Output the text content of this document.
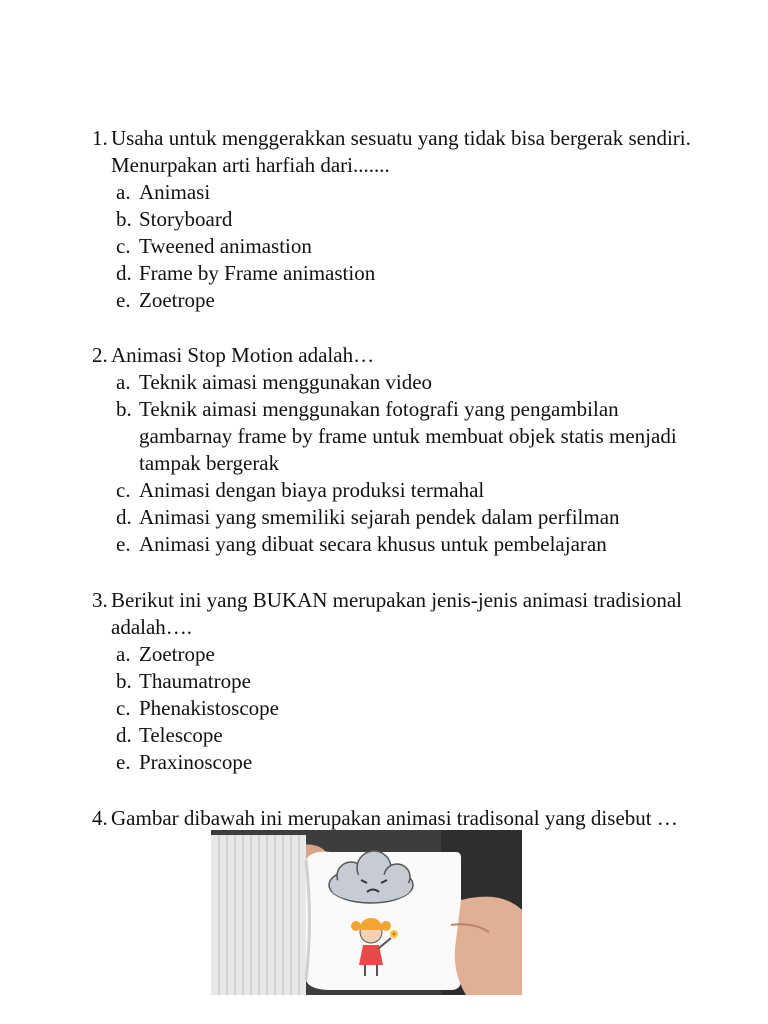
1. Usaha untuk menggerakkan sesuatu yang tidak bisa bergerak sendiri. Menurpakan arti harfiah dari.......
a. Animasi
b. Storyboard
c. Tweened animastion
d. Frame by Frame animastion
e. Zoetrope
2. Animasi Stop Motion adalah…
a. Teknik aimasi menggunakan video
b. Teknik aimasi menggunakan fotografi yang pengambilan gambarnay frame by frame untuk membuat objek statis menjadi tampak bergerak
c. Animasi dengan biaya produksi termahal
d. Animasi yang smemiliki sejarah pendek dalam perfilman
e. Animasi yang dibuat secara khusus untuk pembelajaran
3. Berikut ini yang BUKAN merupakan jenis-jenis animasi tradisional adalah….
a. Zoetrope
b. Thaumatrope
c. Phenakistoscope
d. Telescope
e. Praxinoscope
4. Gambar dibawah ini merupakan animasi tradisonal yang disebut …
